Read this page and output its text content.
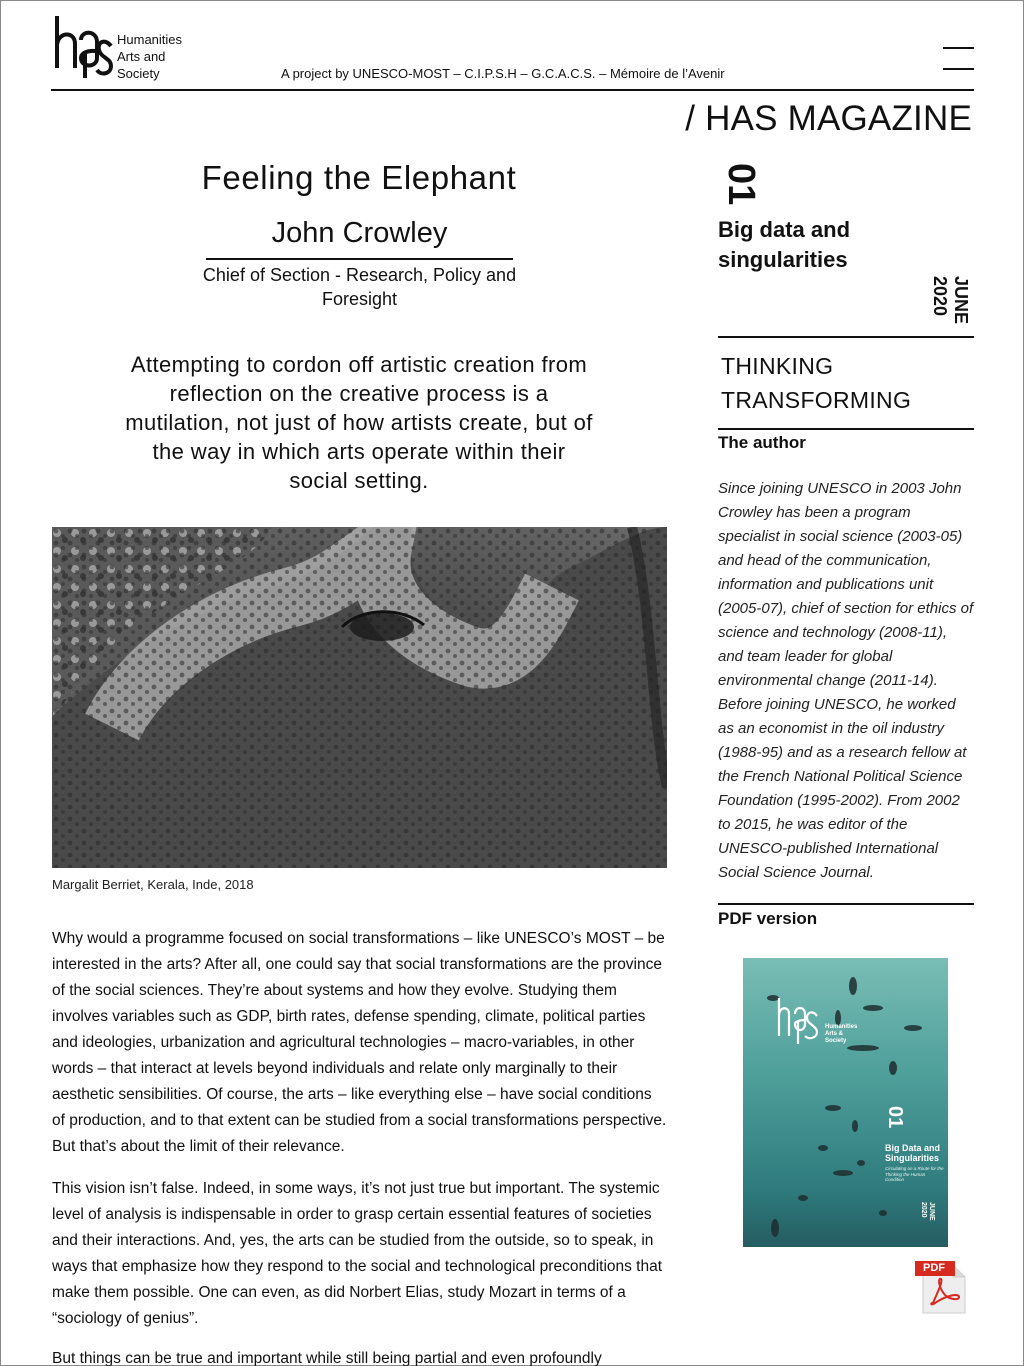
Humanities
Arts and
Society	A project by UNESCO-MOST – C.I.P.S.H – G.C.A.C.S. – Mémoire de l’Avenir
/ HAS MAGAZINE
01
Big data and singularities
JUNE
2020
THINKING
TRANSFORMING
The author
Since joining UNESCO in 2003 John Crowley has been a program specialist in social science (2003-05) and head of the communication, information and publications unit (2005-07), chief of section for ethics of science and technology (2008-11), and team leader for global environmental change (2011-14). Before joining UNESCO, he worked as an economist in the oil industry (1988-95) and as a research fellow at the French National Political Science Foundation (1995-2002). From 2002 to 2015, he was editor of the UNESCO-published International Social Science Journal.
PDF version
Humanities
Arts &
Society
01
Big Data and
Singularities
Circulating on a Route for the
Thinking the Human
Condition
JUNE
2020
PDF
Feeling the Elephant
John Crowley
Chief of Section - Research, Policy and Foresight
Attempting to cordon off artistic creation from reflection on the creative process is a mutilation, not just of how artists create, but of the way in which arts operate within their social setting.
Margalit Berriet, Kerala, Inde, 2018

Why would a programme focused on social transformations – like UNESCO’s MOST – be interested in the arts? After all, one could say that social transformations are the province of the social sciences. They’re about systems and how they evolve. Studying them involves variables such as GDP, birth rates, defense spending, climate, political parties and ideologies, urbanization and agricultural technologies – macro-variables, in other words – that interact at levels beyond individuals and relate only marginally to their aesthetic sensibilities. Of course, the arts – like everything else – have social conditions of production, and to that extent can be studied from a social transformations perspective. But that’s about the limit of their relevance.

This vision isn’t false. Indeed, in some ways, it’s not just true but important. The systemic level of analysis is indispensable in order to grasp certain essential features of societies and their interactions. And, yes, the arts can be studied from the outside, so to speak, in ways that emphasize how they respond to the social and technological preconditions that make them possible. One can even, as did Norbert Elias, study Mozart in terms of a “sociology of genius”.

But things can be true and important while still being partial and even profoundly
